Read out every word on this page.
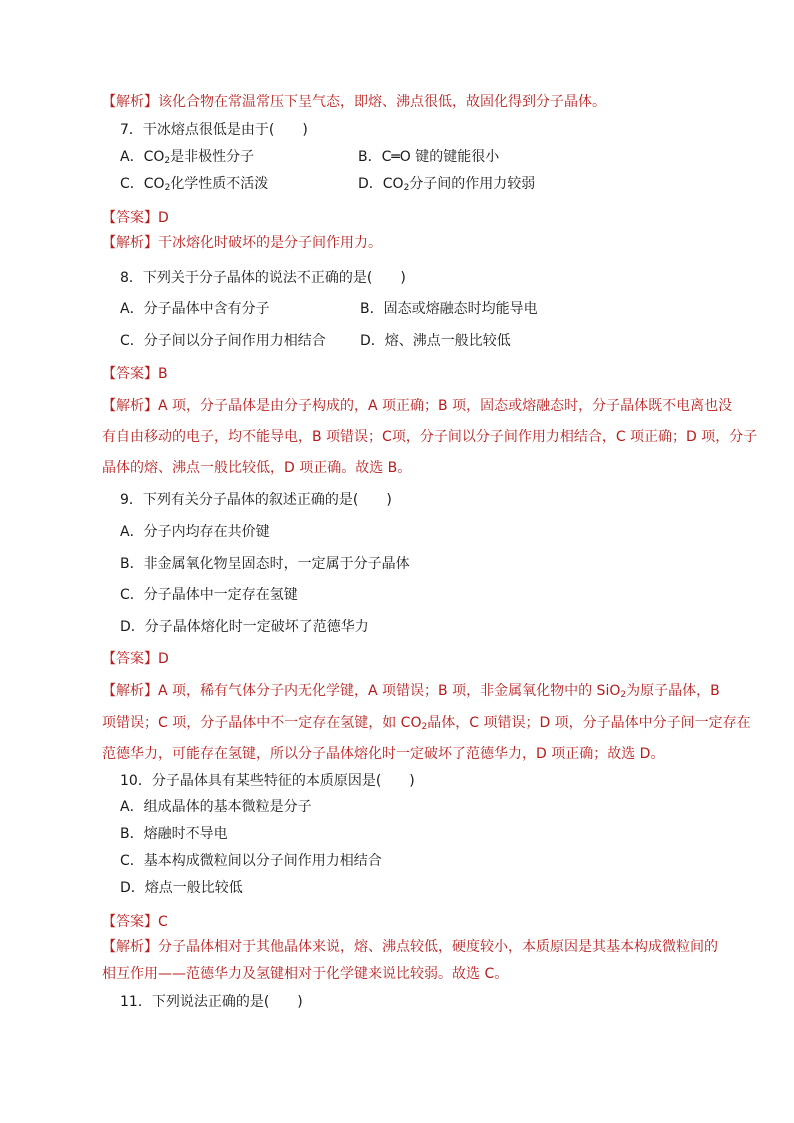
【解析】该化合物在常温常压下呈气态，即熔、沸点很低，故固化得到分子晶体。
7．干冰熔点很低是由于(　　)
A．$CO_2$是非极性分子	B．C═O 键的键能很小
C．$CO_2$化学性质不活泼	D．$CO_2$分子间的作用力较弱
【答案】D
【解析】干冰熔化时破坏的是分子间作用力。
8．下列关于分子晶体的说法不正确的是(　　)
A．分子晶体中含有分子	B．固态或熔融态时均能导电
C．分子间以分子间作用力相结合 D．熔、沸点一般比较低
【答案】B
【解析】A 项，分子晶体是由分子构成的，A 项正确；B 项，固态或熔融态时，分子晶体既不电离也没
有自由移动的电子，均不能导电，B 项错误；C项，分子间以分子间作用力相结合，C 项正确；D 项，分子
晶体的熔、沸点一般比较低，D 项正确。故选 B。
9．下列有关分子晶体的叙述正确的是(　　)
A．分子内均存在共价键
B．非金属氧化物呈固态时，一定属于分子晶体
C．分子晶体中一定存在氢键
D．分子晶体熔化时一定破坏了范德华力
【答案】D
【解析】A 项，稀有气体分子内无化学键，A 项错误；B 项，非金属氧化物中的 SiO$_2$为原子晶体，B
项错误；C 项，分子晶体中不一定存在氢键，如 $CO_2$晶体，C 项错误；D 项，分子晶体中分子间一定存在
范德华力，可能存在氢键，所以分子晶体熔化时一定破坏了范德华力，D 项正确；故选 D。
10．分子晶体具有某些特征的本质原因是(　　)
A．组成晶体的基本微粒是分子
B．熔融时不导电
C．基本构成微粒间以分子间作用力相结合
D．熔点一般比较低
【答案】C
【解析】分子晶体相对于其他晶体来说，熔、沸点较低，硬度较小，本质原因是其基本构成微粒间的
相互作用——范德华力及氢键相对于化学键来说比较弱。故选 C。
11．下列说法正确的是(　　)
